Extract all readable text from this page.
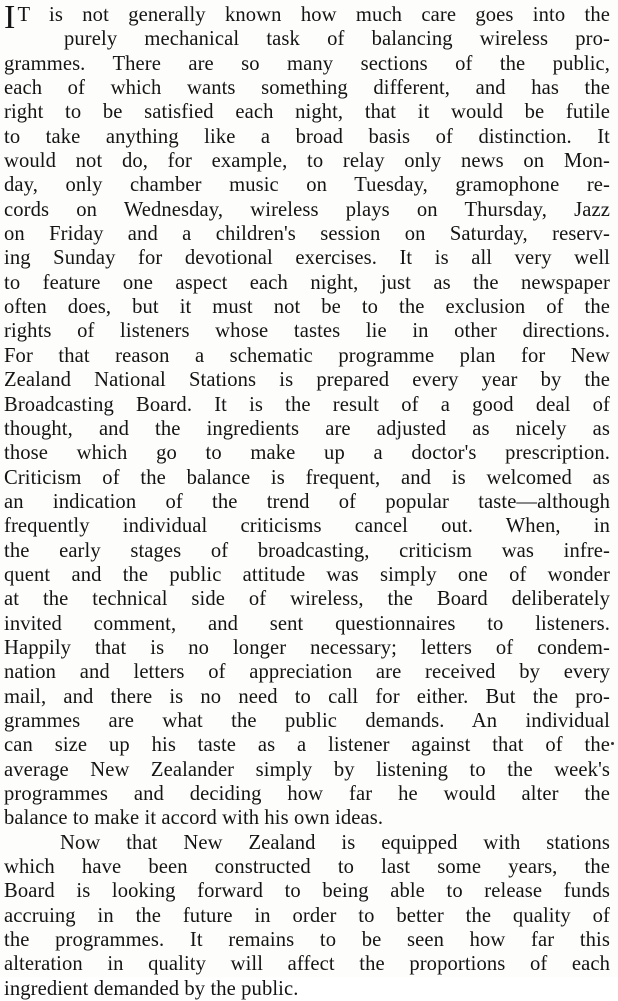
I T is not generally known how much care goes into the
purely mechanical task of balancing wireless pro-
grammes. There are so many sections of the public,
each of which wants something different, and has the
right to be satisfied each night, that it would be futile
to take anything like a broad basis of distinction. It
would not do, for example, to relay only news on Mon-
day, only chamber music on Tuesday, gramophone re-
cords on Wednesday, wireless plays on Thursday, Jazz
on Friday and a children's session on Saturday, reserv-
ing Sunday for devotional exercises. It is all very well
to feature one aspect each night, just as the newspaper
often does, but it must not be to the exclusion of the
rights of listeners whose tastes lie in other directions.
For that reason a schematic programme plan for New
Zealand National Stations is prepared every year by the
Broadcasting Board. It is the result of a good deal of
thought, and the ingredients are adjusted as nicely as
those which go to make up a doctor's prescription.
Criticism of the balance is frequent, and is welcomed as
an indication of the trend of popular taste—although
frequently individual criticisms cancel out. When, in
the early stages of broadcasting, criticism was infre-
quent and the public attitude was simply one of wonder
at the technical side of wireless, the Board deliberately
invited comment, and sent questionnaires to listeners.
Happily that is no longer necessary; letters of condem-
nation and letters of appreciation are received by every
mail, and there is no need to call for either. But the pro-
grammes are what the public demands. An individual
can size up his taste as a listener against that of the
average New Zealander simply by listening to the week's
programmes and deciding how far he would alter the
balance to make it accord with his own ideas.
Now that New Zealand is equipped with stations
which have been constructed to last some years, the
Board is looking forward to being able to release funds
accruing in the future in order to better the quality of
the programmes. It remains to be seen how far this
alteration in quality will affect the proportions of each
ingredient demanded by the public.
